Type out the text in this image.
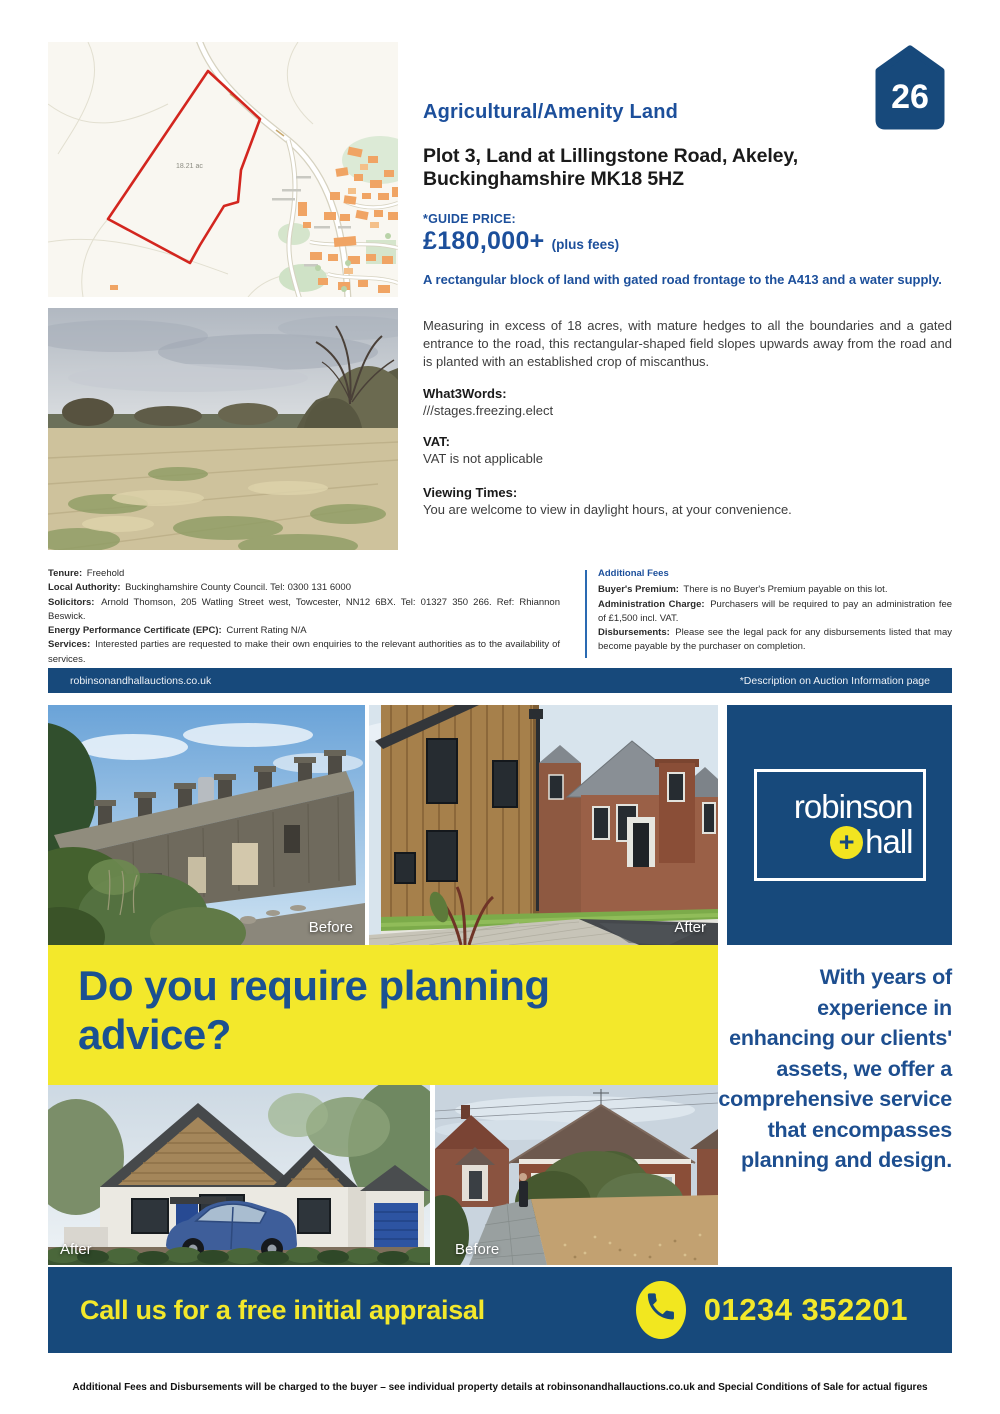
18.21 ac
26
Agricultural/Amenity Land
Plot 3, Land at Lillingstone Road, Akeley,
Buckinghamshire MK18 5HZ
*GUIDE PRICE:
£180,000+ (plus fees)
A rectangular block of land with gated road frontage to the A413 and a water supply.
Measuring in excess of 18 acres, with mature hedges to all the boundaries and a gated entrance to the road, this rectangular-shaped field slopes upwards away from the road and is planted with an established crop of miscanthus.
What3Words:
///stages.freezing.elect
VAT:
VAT is not applicable
Viewing Times:
You are welcome to view in daylight hours, at your convenience.
Tenure: Freehold
Local Authority: Buckinghamshire County Council. Tel: 0300 131 6000
Solicitors: Arnold Thomson, 205 Watling Street west, Towcester, NN12 6BX. Tel: 01327 350 266. Ref: Rhiannon Beswick.
Energy Performance Certificate (EPC): Current Rating N/A
Services: Interested parties are requested to make their own enquiries to the relevant authorities as to the availability of services.
Additional Fees
Buyer's Premium: There is no Buyer's Premium payable on this lot.
Administration Charge: Purchasers will be required to pay an administration fee of £1,500 incl. VAT.
Disbursements: Please see the legal pack for any disbursements listed that may become payable by the purchaser on completion.
robinsonandhallauctions.co.uk	*Description on Auction Information page
Before	After
robinson
+ hall
Do you require planning advice?
With years of experience in enhancing our clients' assets, we offer a comprehensive service that encompasses planning and design.
After	Before
Call us for a free initial appraisal	01234 352201
Additional Fees and Disbursements will be charged to the buyer – see individual property details at robinsonandhallauctions.co.uk and Special Conditions of Sale for actual figures
